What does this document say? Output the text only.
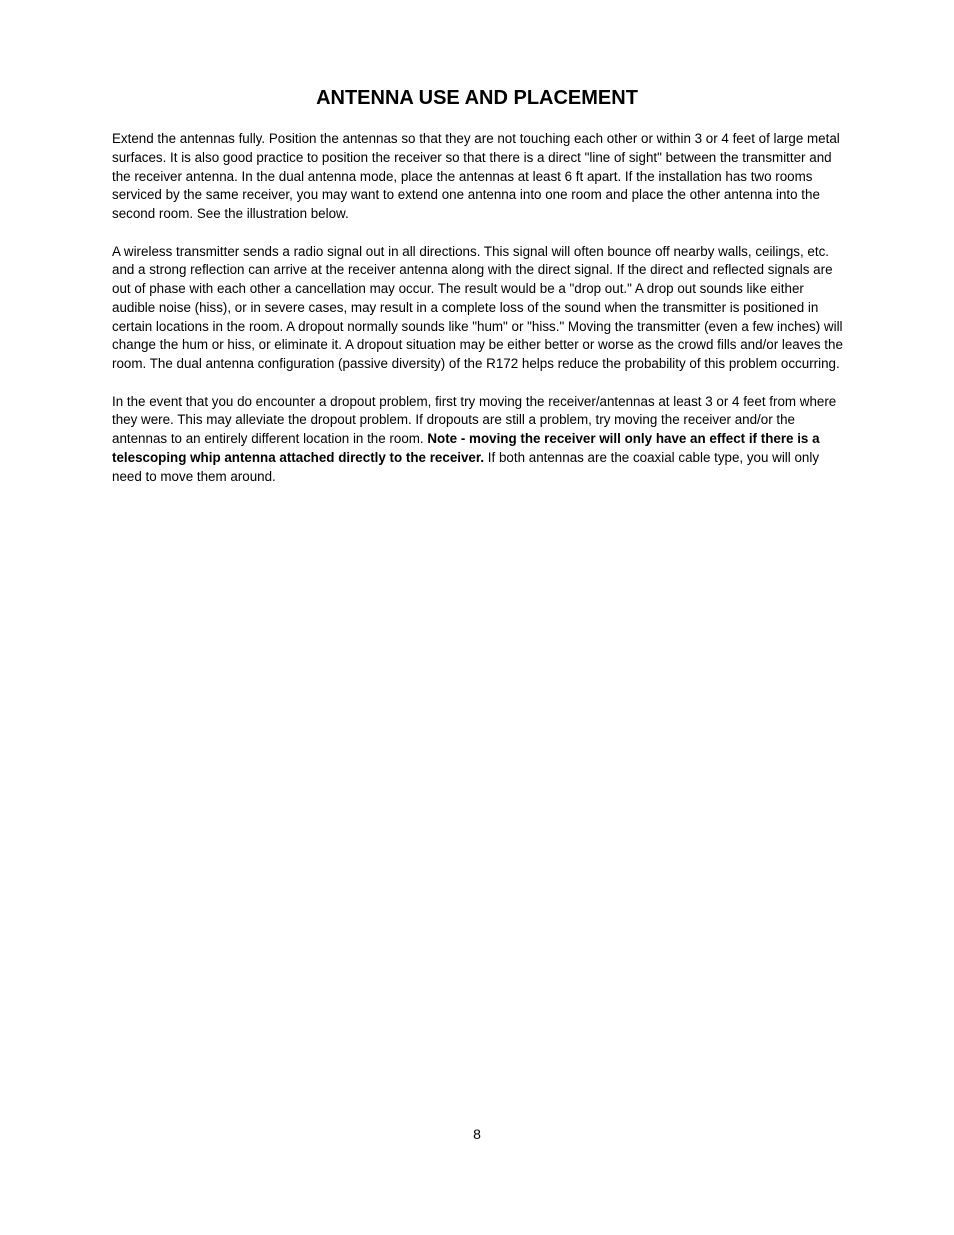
ANTENNA USE AND PLACEMENT

Extend the antennas fully. Position the antennas so that they are not touching each other or within 3 or 4 feet of large metal surfaces. It is also good practice to position the receiver so that there is a direct "line of sight" between the transmitter and the receiver antenna. In the dual antenna mode, place the antennas at least 6 ft apart. If the installation has two rooms serviced by the same receiver, you may want to extend one antenna into one room and place the other antenna into the second room. See the illustration below.

A wireless transmitter sends a radio signal out in all directions. This signal will often bounce off nearby walls, ceilings, etc. and a strong reflection can arrive at the receiver antenna along with the direct signal. If the direct and reflected signals are out of phase with each other a cancellation may occur. The result would be a "drop out." A drop out sounds like either audible noise (hiss), or in severe cases, may result in a complete loss of the sound when the transmitter is positioned in certain locations in the room. A dropout normally sounds like "hum" or "hiss." Moving the transmitter (even a few inches) will change the hum or hiss, or eliminate it. A dropout situation may be either better or worse as the crowd fills and/or leaves the room. The dual antenna configuration (passive diversity) of the R172 helps reduce the probability of this problem occurring.

In the event that you do encounter a dropout problem, first try moving the receiver/antennas at least 3 or 4 feet from where they were. This may alleviate the dropout problem. If dropouts are still a problem, try moving the receiver and/or the antennas to an entirely different location in the room. Note - moving the receiver will only have an effect if there is a telescoping whip antenna attached directly to the receiver. If both antennas are the coaxial cable type, you will only need to move them around.

8
